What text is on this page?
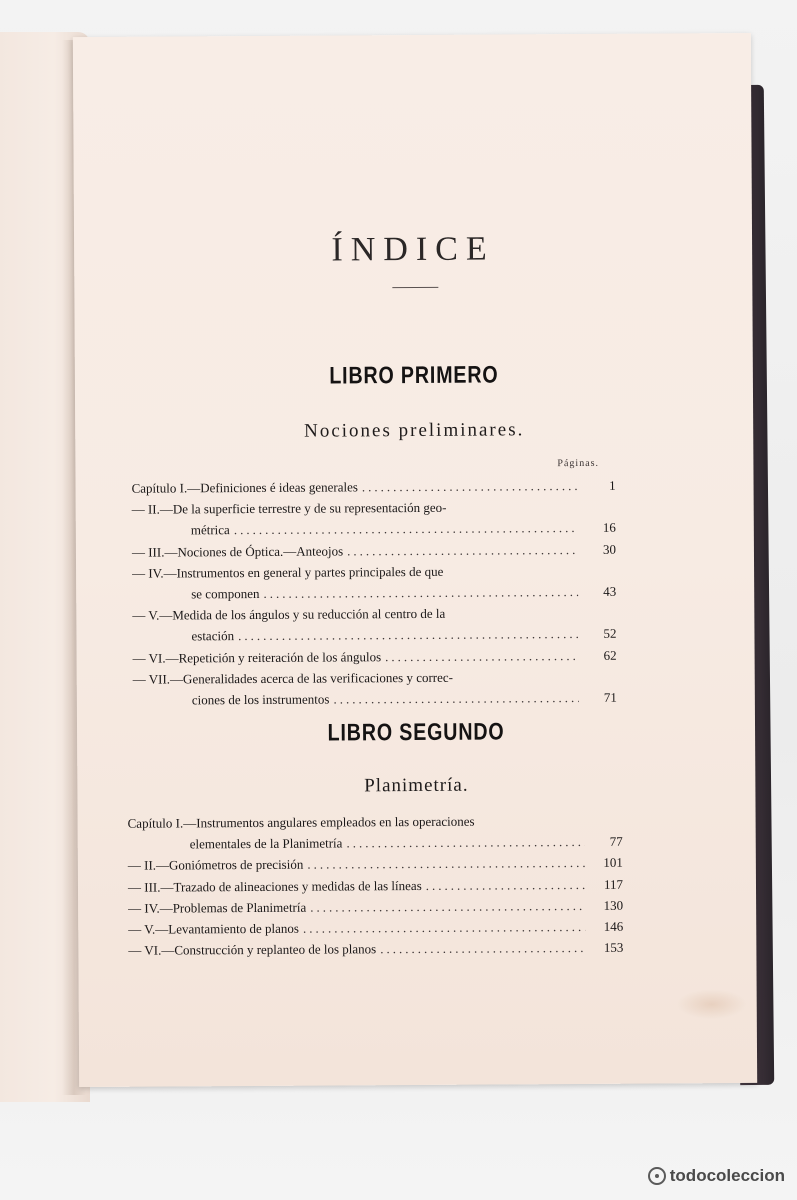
ÍNDICE
LIBRO PRIMERO
Nociones preliminares.
Páginas.
Capítulo I.—Definiciones é ideas generales .....	1
— II.—De la superficie terrestre y de su representación geo-
métrica .....	16
— III.—Nociones de Óptica.—Anteojos .....	30
— IV.—Instrumentos en general y partes principales de que
se componen .....	43
— V.—Medida de los ángulos y su reducción al centro de la
estación .....	52
— VI.—Repetición y reiteración de los ángulos .....	62
— VII.—Generalidades acerca de las verificaciones y correc-
ciones de los instrumentos .....	71
LIBRO SEGUNDO
Planimetría.
Capítulo I.—Instrumentos angulares empleados en las operaciones
elementales de la Planimetría .....	77
— II.—Goniómetros de precisión .....	101
— III.—Trazado de alineaciones y medidas de las líneas .....	117
— IV.—Problemas de Planimetría .....	130
— V.—Levantamiento de planos .....	146
— VI.—Construcción y replanteo de los planos .....	153
todocoleccion
